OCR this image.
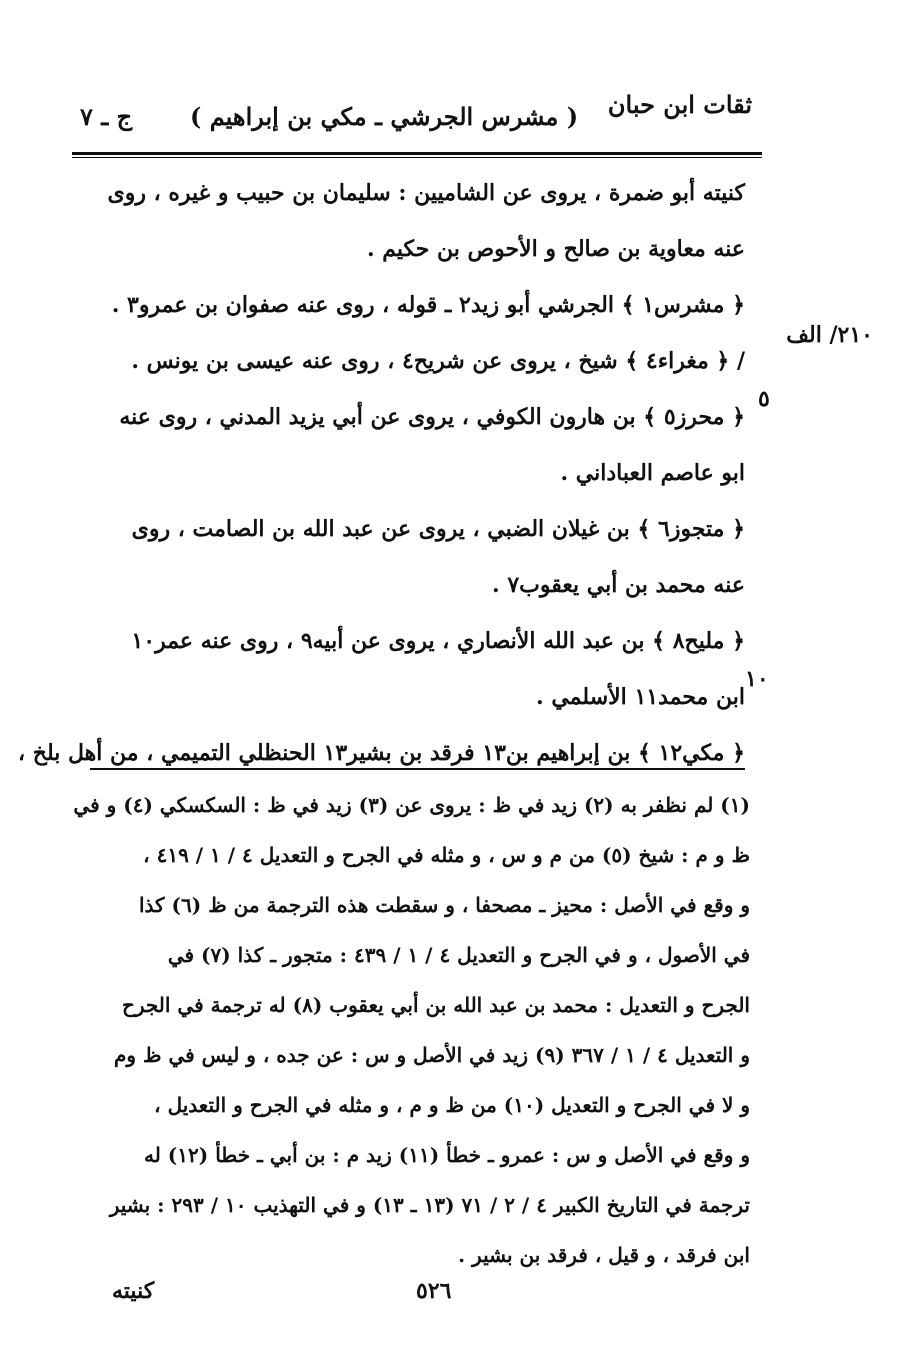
ثقات ابن حبان
( مشرس الجرشي ـ مكي بن إبراهيم )
ج ـ ٧
٢١٠/ الف
٥
١٠
كنيته أبو ضمرة ، يروى عن الشاميين : سليمان بن حبيب و غيره ، روى
عنه معاوية بن صالح و الأحوص بن حكيم .
﴿ مشرس١ ﴾ الجرشي أبو زيد٢ ـ قوله ، روى عنه صفوان بن عمرو٣ .
/ ﴿ مغراء٤ ﴾ شيخ ، يروى عن شريح٤ ، روى عنه عيسى بن يونس .
﴿ محرز٥ ﴾ بن هارون الكوفي ، يروى عن أبي يزيد المدني ، روى عنه
ابو عاصم العباداني .
﴿ متجوز٦ ﴾ بن غيلان الضبي ، يروى عن عبد الله بن الصامت ، روى
عنه محمد بن أبي يعقوب٧ .
﴿ مليح٨ ﴾ بن عبد الله الأنصاري ، يروى عن أبيه٩ ، روى عنه عمر١٠
ابن محمد١١ الأسلمي .
﴿ مكي١٢ ﴾ بن إبراهيم بن١٣ فرقد بن بشير١٣ الحنظلي التميمي ، من أهل بلخ ،
(١) لم نظفر به (٢) زيد في ظ : يروى عن (٣) زيد في ظ : السكسكي (٤) و في
ظ و م : شيخ (٥) من م و س ، و مثله في الجرح و التعديل ٤ / ١ / ٤١٩ ،
و وقع في الأصل : محيز ـ مصحفا ، و سقطت هذه الترجمة من ظ (٦) كذا
في الأصول ، و في الجرح و التعديل ٤ / ١ / ٤٣٩ : متجور ـ كذا (٧) في
الجرح و التعديل : محمد بن عبد الله بن أبي يعقوب (٨) له ترجمة في الجرح
و التعديل ٤ / ١ / ٣٦٧ (٩) زيد في الأصل و س : عن جده ، و ليس في ظ وم
و لا في الجرح و التعديل (١٠) من ظ و م ، و مثله في الجرح و التعديل ،
و وقع في الأصل و س : عمرو ـ خطأ (١١) زيد م : بن أبي ـ خطأ (١٢) له
ترجمة في التاريخ الكبير ٤ / ٢ / ٧١ (١٣ ـ ١٣) و في التهذيب ١٠ / ٢٩٣ : بشير
ابن فرقد ، و قيل ، فرقد بن بشير .
كنيته	٥٢٦
